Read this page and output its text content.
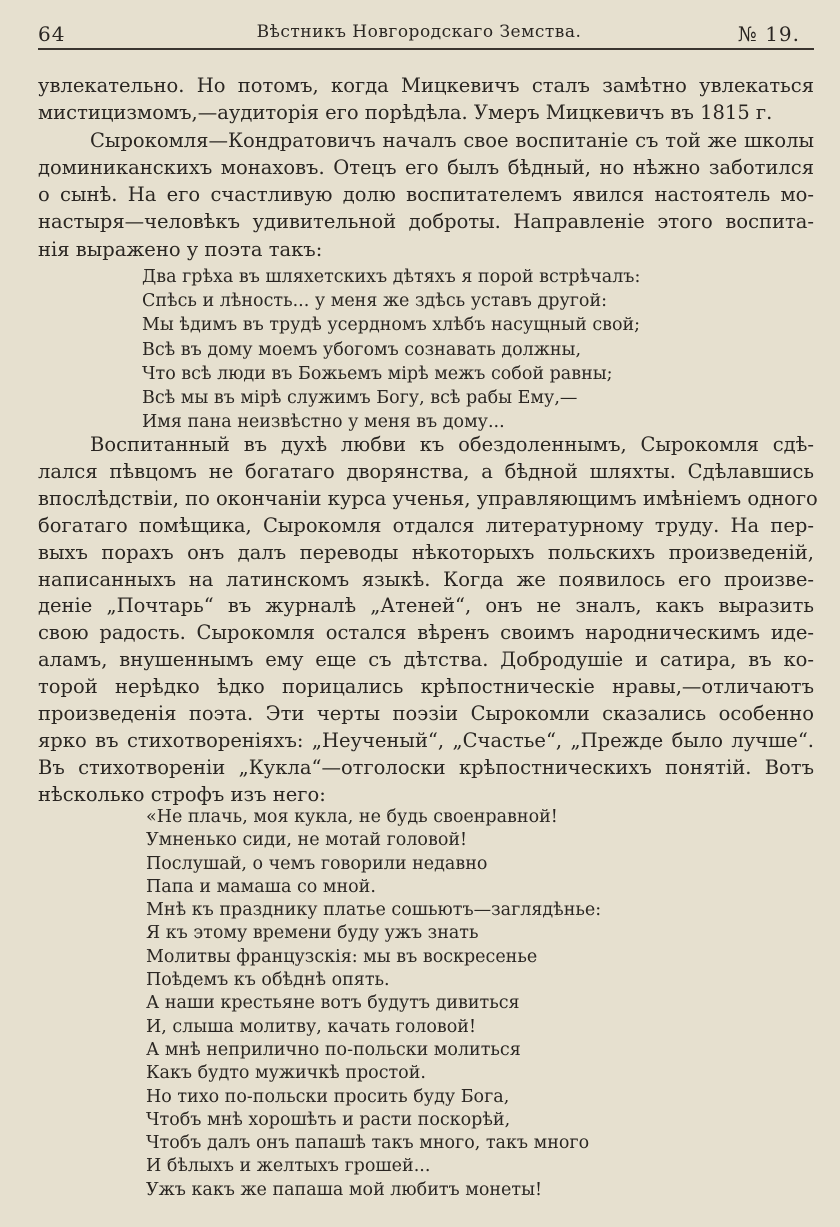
64	Вѣстникъ Новгородскаго Земства.	№ 19.
увлекательно. Но потомъ, когда Мицкевичъ сталъ замѣтно увлекаться
мистицизмомъ,—аудиторія его порѣдѣла. Умеръ Мицкевичъ въ 1815 г.
Сырокомля—Кондратовичъ началъ свое воспитаніе съ той же школы
доминиканскихъ монаховъ. Отецъ его былъ бѣдный, но нѣжно заботился
о сынѣ. На его счастливую долю воспитателемъ явился настоятель мо-
настыря—человѣкъ удивительной доброты. Направленіе этого воспита-
нія выражено у поэта такъ:
Два грѣха въ шляхетскихъ дѣтяхъ я порой встрѣчалъ:
Спѣсь и лѣность... у меня же здѣсь уставъ другой:
Мы ѣдимъ въ трудѣ усердномъ хлѣбъ насущный свой;
Всѣ въ дому моемъ убогомъ сознавать должны,
Что всѣ люди въ Божьемъ мірѣ межъ собой равны;
Всѣ мы въ мірѣ служимъ Богу, всѣ рабы Ему,—
Имя пана неизвѣстно у меня въ дому...
Воспитанный въ духѣ любви къ обездоленнымъ, Сырокомля сдѣ-
лался пѣвцомъ не богатаго дворянства, а бѣдной шляхты. Сдѣлавшись
впослѣдствіи, по окончаніи курса ученья, управляющимъ имѣніемъ одного
богатаго помѣщика, Сырокомля отдался литературному труду. На пер-
выхъ порахъ онъ далъ переводы нѣкоторыхъ польскихъ произведеній,
написанныхъ на латинскомъ языкѣ. Когда же появилось его произве-
деніе „Почтарь“ въ журналѣ „Атеней“, онъ не зналъ, какъ выразить
свою радость. Сырокомля остался вѣренъ своимъ народническимъ иде-
аламъ, внушеннымъ ему еще съ дѣтства. Добродушіе и сатира, въ ко-
торой нерѣдко ѣдко порицались крѣпостническіе нравы,—отличаютъ
произведенія поэта. Эти черты поэзіи Сырокомли сказались особенно
ярко въ стихотвореніяхъ: „Неученый“, „Счастье“, „Прежде было лучше“.
Въ стихотвореніи „Кукла“—отголоски крѣпостническихъ понятій. Вотъ
нѣсколько строфъ изъ него:
«Не плачь, моя кукла, не будь своенравной!
Умненько сиди, не мотай головой!
Послушай, о чемъ говорили недавно
Папа и мамаша со мной.
Мнѣ къ празднику платье сошьютъ—заглядѣнье:
Я къ этому времени буду ужъ знать
Молитвы французскія: мы въ воскресенье
Поѣдемъ къ обѣднѣ опять.
А наши крестьяне вотъ будутъ дивиться
И, слыша молитву, качать головой!
А мнѣ неприлично по-польски молиться
Какъ будто мужичкѣ простой.
Но тихо по-польски просить буду Бога,
Чтобъ мнѣ хорошѣть и расти поскорѣй,
Чтобъ далъ онъ папашѣ такъ много, такъ много
И бѣлыхъ и желтыхъ грошей...
Ужъ какъ же папаша мой любитъ монеты!
